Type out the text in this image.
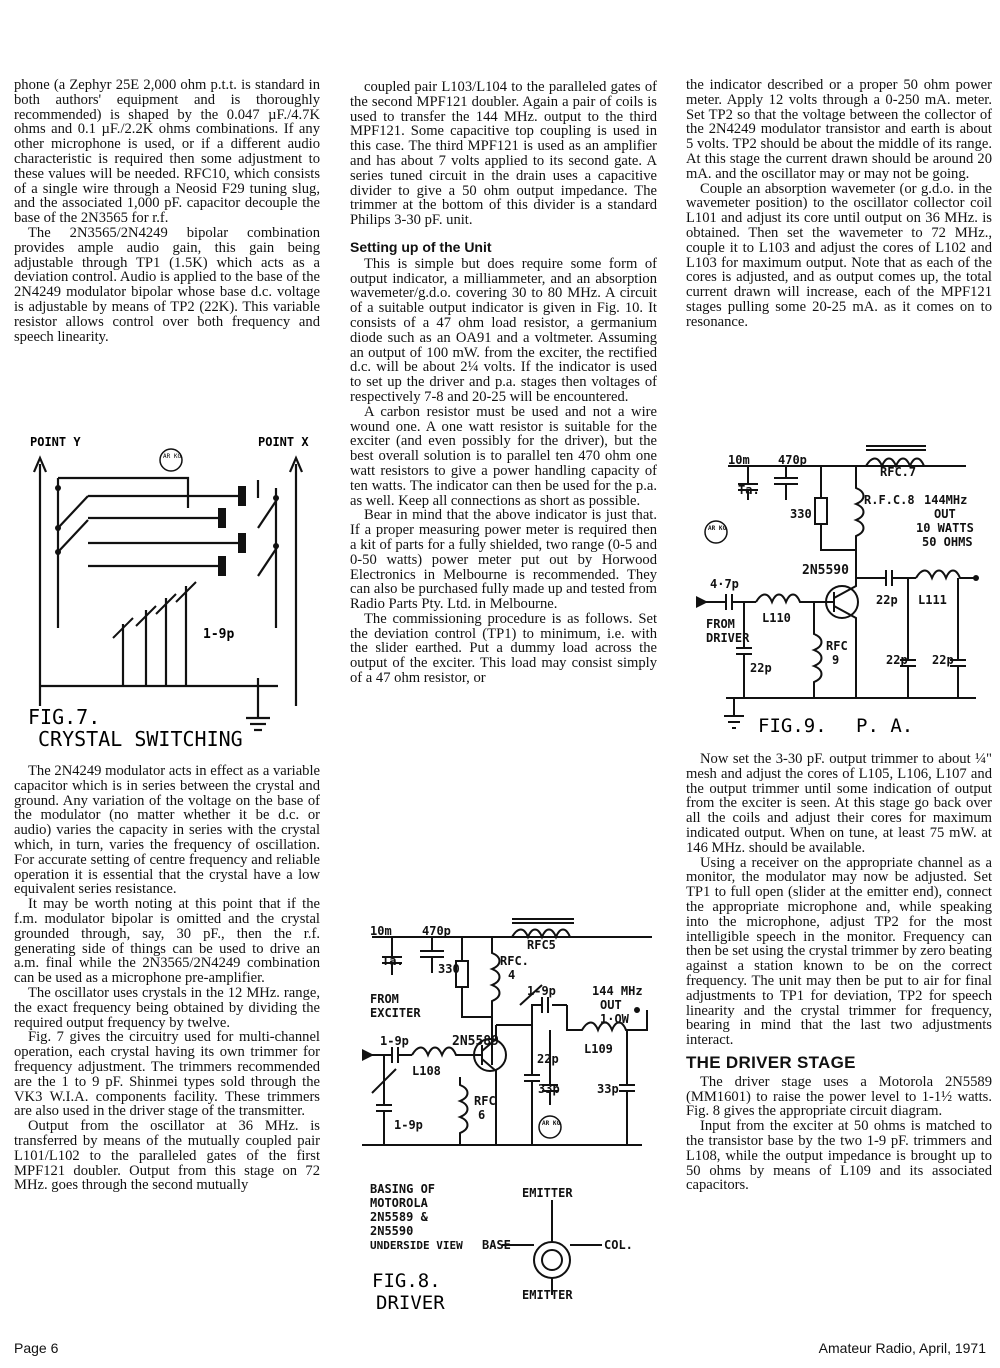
phone (a Zephyr 25E 2,000 ohm p.t.t. is standard in both authors' equipment and is thoroughly recommended) is shaped by the 0.047 µF./4.7K ohms and 0.1 µF./2.2K ohms combinations. If any other microphone is used, or if a different audio characteristic is required then some adjustment to these values will be needed. RFC10, which consists of a single wire through a Neosid F29 tuning slug, and the associated 1,000 pF. capacitor decouple the base of the 2N3565 for r.f.

The 2N3565/2N4249 bipolar combination provides ample audio gain, this gain being adjustable through TP1 (1.5K) which acts as a deviation control. Audio is applied to the base of the 2N4249 modulator bipolar whose base d.c. voltage is adjustable by means of TP2 (22K). This variable resistor allows control over both frequency and speech linearity.

POINT Y	POINT X
AR KG
1-9p
FIG.7.
CRYSTAL SWITCHING

The 2N4249 modulator acts in effect as a variable capacitor which is in series between the crystal and ground. Any variation of the voltage on the base of the modulator (no matter whether it be d.c. or audio) varies the capacity in series with the crystal which, in turn, varies the frequency of oscillation. For accurate setting of centre frequency and reliable operation it is essential that the crystal have a low equivalent series resistance.

It may be worth noting at this point that if the f.m. modulator bipolar is omitted and the crystal grounded through, say, 30 pF., then the r.f. generating side of things can be used to drive an a.m. final while the 2N3565/2N4249 combination can be used as a microphone pre-amplifier.

The oscillator uses crystals in the 12 MHz. range, the exact frequency being obtained by dividing the required output frequency by twelve.

Fig. 7 gives the circuitry used for multi-channel operation, each crystal having its own trimmer for frequency adjustment. The trimmers recommended are the 1 to 9 pF. Shinmei types sold through the VK3 W.I.A. components facility. These trimmers are also used in the driver stage of the transmitter.

Output from the oscillator at 36 MHz. is transferred by means of the mutually coupled pair L101/L102 to the paralleled gates of the first MPF121 doubler. Output from this stage on 72 MHz. goes through the second mutually

coupled pair L103/L104 to the paralleled gates of the second MPF121 doubler. Again a pair of coils is used to transfer the 144 MHz. output to the third MPF121. Some capacitive top coupling is used in this case. The third MPF121 is used as an amplifier and has about 7 volts applied to its second gate. A series tuned circuit in the drain uses a capacitive divider to give a 50 ohm output impedance. The trimmer at the bottom of this divider is a standard Philips 3-30 pF. unit.

Setting up of the Unit

This is simple but does require some form of output indicator, a milliammeter, and an absorption wavemeter/g.d.o. covering 30 to 80 MHz. A circuit of a suitable output indicator is given in Fig. 10. It consists of a 47 ohm load resistor, a germanium diode such as an OA91 and a voltmeter. Assuming an output of 100 mW. from the exciter, the rectified d.c. will be about 2¼ volts. If the indicator is used to set up the driver and p.a. stages then voltages of respectively 7-8 and 20-25 will be encountered.

A carbon resistor must be used and not a wire wound one. A one watt resistor is suitable for the exciter (and even possibly for the driver), but the best overall solution is to parallel ten 470 ohm one watt resistors to give a power handling capacity of ten watts. The indicator can then be used for the p.a. as well. Keep all connections as short as possible.

Bear in mind that the above indicator is just that. If a proper measuring power meter is required then a kit of parts for a fully shielded, two range (0-5 and 0-50 watts) power meter put out by Horwood Electronics in Melbourne is recommended. They can also be purchased fully made up and tested from Radio Parts Pty. Ltd. in Melbourne.

The commissioning procedure is as follows. Set the deviation control (TP1) to minimum, i.e. with the slider earthed. Put a dummy load across the output of the exciter. This load may consist simply of a 47 ohm resistor, or

10m	470p
Ta.
330
RFC5
RFC.
4
FROM
EXCITER
1-9p	144 MHz
OUT
1·OW
2N5589
1-9p
L108
22p
L109
33p	33p
1-9p
RFC
6
AR KG
BASING OF
MOTOROLA
2N5589 &
2N5590
UNDERSIDE VIEW
EMITTER
BASE	COL.
EMITTER
FIG.8.
DRIVER

the indicator described or a proper 50 ohm power meter. Apply 12 volts through a 0-250 mA. meter. Set TP2 so that the voltage between the collector of the 2N4249 modulator transistor and earth is about 5 volts. TP2 should be about the middle of its range. At this stage the current drawn should be around 20 mA. and the oscillator may or may not be going.

Couple an absorption wavemeter (or g.d.o. in the wavemeter position) to the oscillator collector coil L101 and adjust its core until output on 36 MHz. is obtained. Then set the wavemeter to 72 MHz., couple it to L103 and adjust the cores of L102 and L103 for maximum output. Note that as each of the cores is adjusted, and as output comes up, the total current drawn will increase, each of the MPF121 stages pulling some 20-25 mA. as it comes on to resonance.

10m 470p
Ta.
330
RFC.7
R.F.C.8 144MHz
OUT
10 WATTS
50 OHMS
AR KG
2N5590
4·7p
FROM
DRIVER
L110
22p L111
RFC
9
22p
22p 22p
FIG.9. P. A.

Now set the 3-30 pF. output trimmer to about ¼" mesh and adjust the cores of L105, L106, L107 and the output trimmer until some indication of output from the exciter is seen. At this stage go back over all the coils and adjust their cores for maximum indicated output. When on tune, at least 75 mW. at 146 MHz. should be available.

Using a receiver on the appropriate channel as a monitor, the modulator may now be adjusted. Set TP1 to full open (slider at the emitter end), connect the appropriate microphone and, while speaking into the microphone, adjust TP2 for the most intelligible speech in the monitor. Frequency can then be set using the crystal trimmer by zero beating against a station known to be on the correct frequency. The unit may then be put to air for final adjustments to TP1 for deviation, TP2 for speech linearity and the crystal trimmer for frequency, bearing in mind that the last two adjustments interact.

THE DRIVER STAGE

The driver stage uses a Motorola 2N5589 (MM1601) to raise the power level to 1-1½ watts. Fig. 8 gives the appropriate circuit diagram.

Input from the exciter at 50 ohms is matched to the transistor base by the two 1-9 pF. trimmers and L108, while the output impedance is brought up to 50 ohms by means of L109 and its associated capacitors.

Page 6	Amateur Radio, April, 1971
